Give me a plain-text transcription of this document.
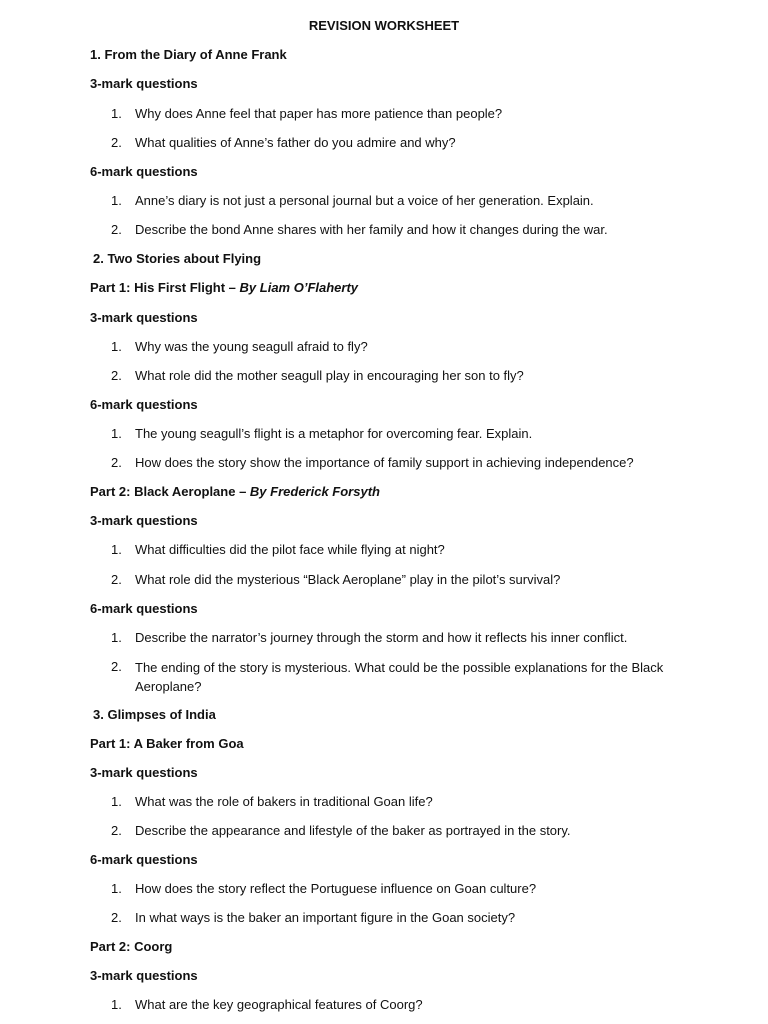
REVISION WORKSHEET
1. From the Diary of Anne Frank
3-mark questions
1. Why does Anne feel that paper has more patience than people?
2. What qualities of Anne’s father do you admire and why?
6-mark questions
1. Anne’s diary is not just a personal journal but a voice of her generation. Explain.
2. Describe the bond Anne shares with her family and how it changes during the war.
2. Two Stories about Flying
Part 1: His First Flight – By Liam O’Flaherty
3-mark questions
1. Why was the young seagull afraid to fly?
2. What role did the mother seagull play in encouraging her son to fly?
6-mark questions
1. The young seagull’s flight is a metaphor for overcoming fear. Explain.
2. How does the story show the importance of family support in achieving independence?
Part 2: Black Aeroplane – By Frederick Forsyth
3-mark questions
1. What difficulties did the pilot face while flying at night?
2. What role did the mysterious “Black Aeroplane” play in the pilot’s survival?
6-mark questions
1. Describe the narrator’s journey through the storm and how it reflects his inner conflict.
2. The ending of the story is mysterious. What could be the possible explanations for the Black Aeroplane?
3. Glimpses of India
Part 1: A Baker from Goa
3-mark questions
1. What was the role of bakers in traditional Goan life?
2. Describe the appearance and lifestyle of the baker as portrayed in the story.
6-mark questions
1. How does the story reflect the Portuguese influence on Goan culture?
2. In what ways is the baker an important figure in the Goan society?
Part 2: Coorg
3-mark questions
1. What are the key geographical features of Coorg?
